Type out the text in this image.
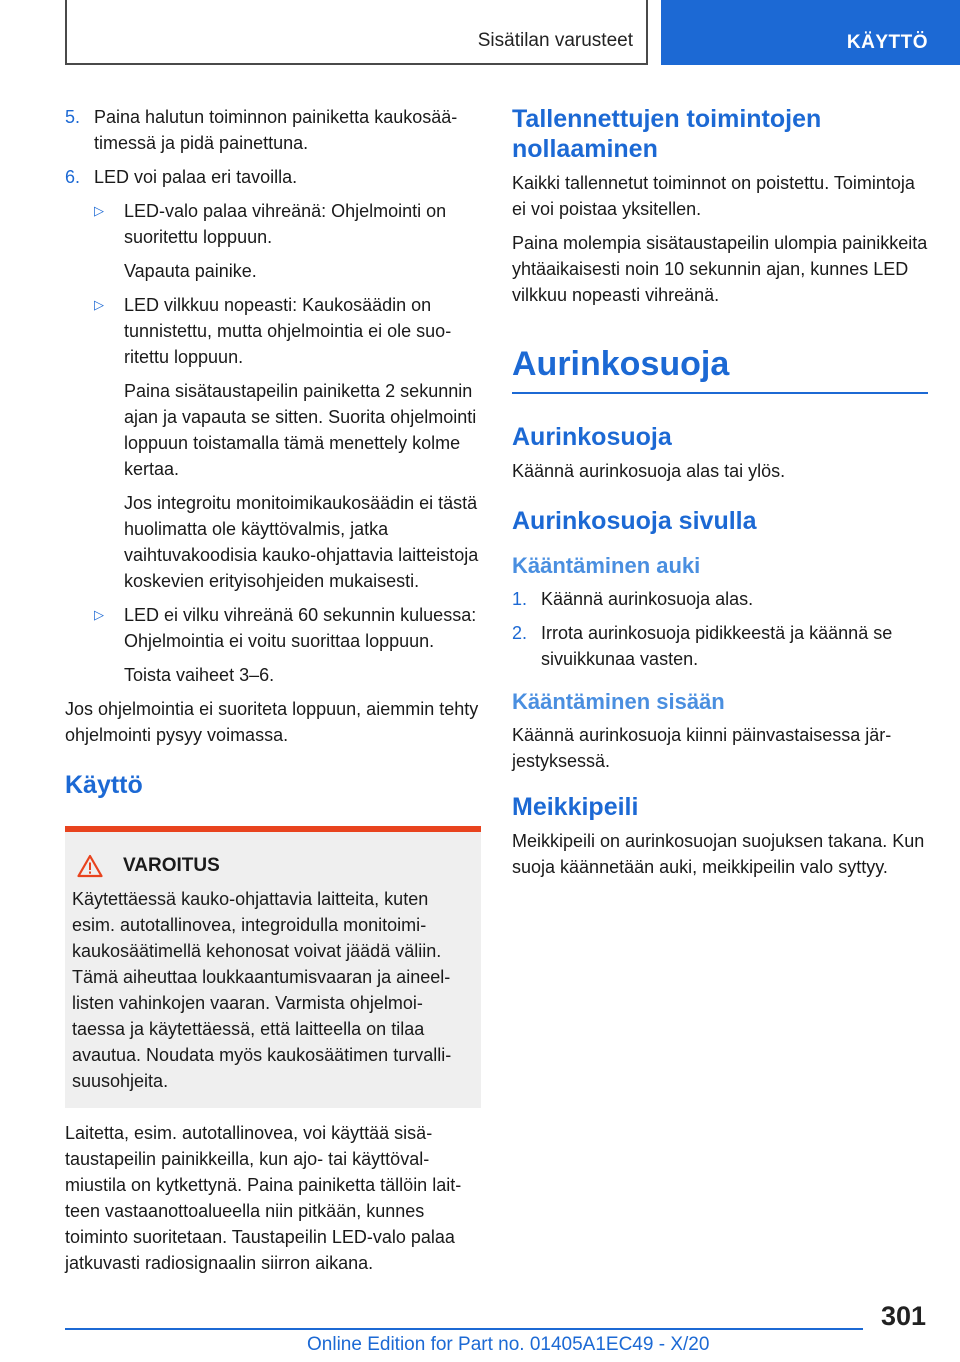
Sisätilan varusteet	KÄYTTÖ
5. Paina halutun toiminnon painiketta kaukosäätimessä ja pidä painettuna.
6. LED voi palaa eri tavoilla.
▷	LED-valo palaa vihreänä: Ohjelmointi on suoritettu loppuun.
Vapauta painike.
▷	LED vilkkuu nopeasti: Kaukosäädin on tunnistettu, mutta ohjelmointia ei ole suoritettu loppuun.
Paina sisätaustapeilin painiketta 2 sekunnin ajan ja vapauta se sitten. Suorita ohjelmointi loppuun toistamalla tämä menettely kolme kertaa.
Jos integroitu monitoimikaukosäädin ei tästä huolimatta ole käyttövalmis, jatka vaihtuvakoodisia kauko-ohjattavia laitteistoja koskevien erityisohjeiden mukaisesti.
▷	LED ei vilku vihreänä 60 sekunnin kuluessa: Ohjelmointia ei voitu suorittaa loppuun.
Toista vaiheet 3–6.
Jos ohjelmointia ei suoriteta loppuun, aiemmin tehty ohjelmointi pysyy voimassa.
Käyttö
VAROITUS
Käytettäessä kauko-ohjattavia laitteita, kuten esim. autotallinovea, integroidulla monitoimikaukosäätimellä kehonosat voivat jäädä väliin. Tämä aiheuttaa loukkaantumisvaaran ja aineellisten vahinkojen vaaran. Varmista ohjelmoitaessa ja käytettäessä, että laitteella on tilaa avautua. Noudata myös kaukosäätimen turvallisuusohjeita.
Laitetta, esim. autotallinovea, voi käyttää sisätaustapeilin painikkeilla, kun ajo- tai käyttövalmiustila on kytkettynä. Paina painiketta tällöin laitteen vastaanottoalueella niin pitkään, kunnes toiminto suoritetaan. Taustapeilin LED-valo palaa jatkuvasti radiosignaalin siirron aikana.
Tallennettujen toimintojen nollaaminen
Kaikki tallennetut toiminnot on poistettu. Toimintoja ei voi poistaa yksitellen.
Paina molempia sisätaustapeilin ulompia painikkeita yhtäaikaisesti noin 10 sekunnin ajan, kunnes LED vilkkuu nopeasti vihreänä.
Aurinkosuoja
Aurinkosuoja
Käännä aurinkosuoja alas tai ylös.
Aurinkosuoja sivulla
Kääntäminen auki
1. Käännä aurinkosuoja alas.
2. Irrota aurinkosuoja pidikkeestä ja käännä se sivuikkunaa vasten.
Kääntäminen sisään
Käännä aurinkosuoja kiinni päinvastaisessa järjestyksessä.
Meikkipeili
Meikkipeili on aurinkosuojan suojuksen takana. Kun suoja käännetään auki, meikkipeilin valo syttyy.
301
Online Edition for Part no. 01405A1EC49 - X/20
